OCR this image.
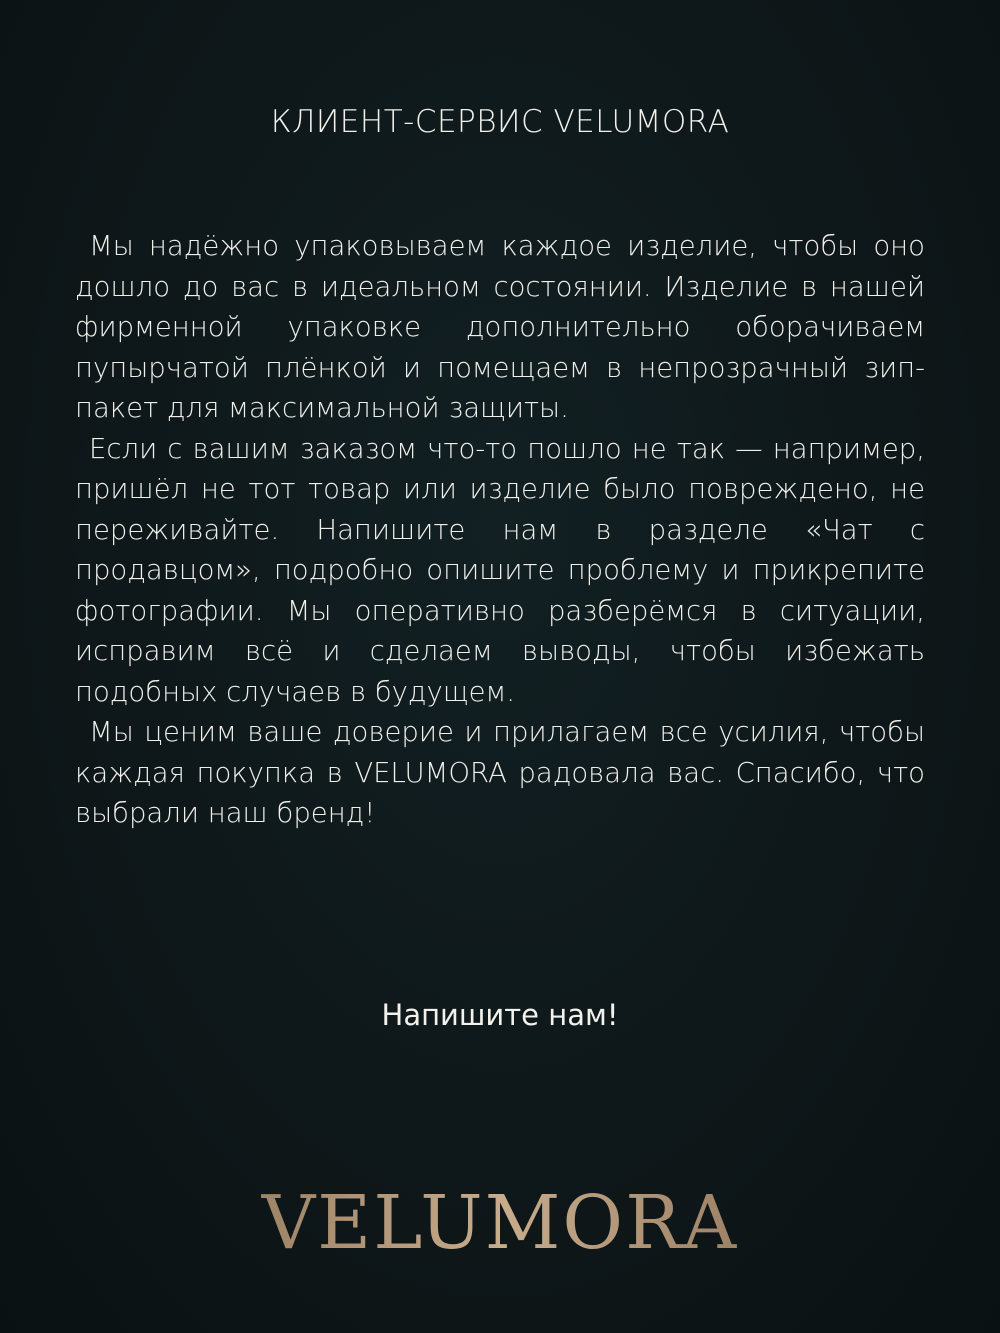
КЛИЕНТ-СЕРВИС VELUMORA

Мы надёжно упаковываем каждое изделие, чтобы оно дошло до вас в идеальном состоянии. Изделие в нашей фирменной упаковке дополнительно оборачиваем пупырчатой плёнкой и помещаем в непрозрачный зип-пакет для максимальной защиты.

Если с вашим заказом что-то пошло не так — например, пришёл не тот товар или изделие было повреждено, не переживайте. Напишите нам в разделе «Чат с продавцом», подробно опишите проблему и прикрепите фотографии. Мы оперативно разберёмся в ситуации, исправим всё и сделаем выводы, чтобы избежать подобных случаев в будущем.

Мы ценим ваше доверие и прилагаем все усилия, чтобы каждая покупка в VELUMORA радовала вас. Спасибо, что выбрали наш бренд!

Напишите нам!
VELUMORA
